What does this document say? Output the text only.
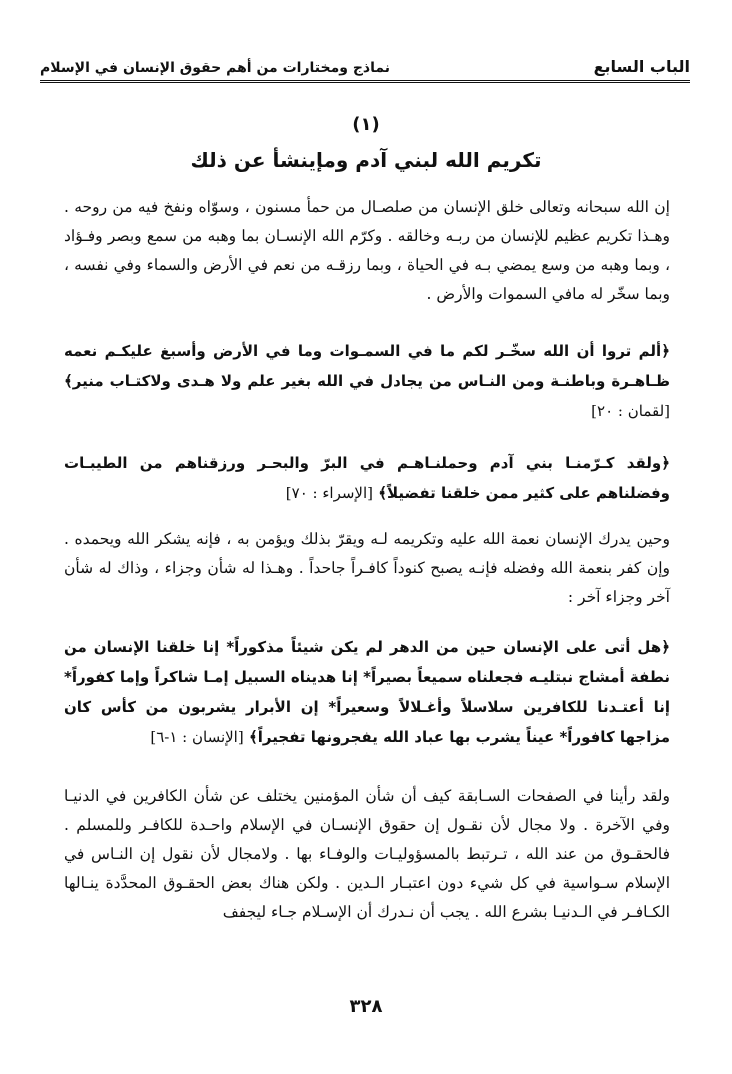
الباب السابع
نماذج ومختارات من أهم حقوق الإنسان في الإسلام
(١)
تكريم الله لبني آدم ومإينشأ عن ذلك
إن الله سبحانه وتعالى خلق الإنسان من صلصـال من حمأ مسنون ، وسوّاه ونفخ فيه من روحه . وهـذا تكريم عظيم للإنسان من ربـه وخالقه . وكرّم الله الإنسـان بما وهبه من سمع وبصر وفـؤاد ، وبما وهبه من وسع يمضي بـه في الحياة ، وبما رزقـه من نعم في الأرض والسماء وفي نفسه ، وبما سخّر له مافي السموات والأرض .
﴿ألم تروا أن الله سخّـر لكم ما في السمـوات وما في الأرض وأسبغ عليكـم نعمه ظـاهـرة وباطنـة ومن النـاس من يجادل في الله بغير علم ولا هـدى ولاكتـاب منير﴾ [لقمان : ٢٠]
﴿ولقد كـرّمنـا بني آدم وحملنـاهـم في البرّ والبحـر ورزقناهم من الطيبـات وفضلناهم على كثير ممن خلقنا تفضيلاً﴾ [الإسراء : ٧٠]
وحين يدرك الإنسان نعمة الله عليه وتكريمه لـه ويقرّ بذلك ويؤمن به ، فإنه يشكر الله ويحمده . وإن كفر بنعمة الله وفضله فإنـه يصبح كنوداً كافـراً جاحداً . وهـذا له شأن وجزاء ، وذاك له شأن آخر وجزاء آخر :
﴿هل أتى على الإنسان حين من الدهر لم يكن شيئاً مذكوراً* إنا خلقنا الإنسان من نطفة أمشاج نبتليـه فجعلناه سميعاً بصيراً* إنا هديناه السبيل إمـا شاكراً وإما كفوراً* إنا أعتـدنا للكافرين سلاسلاً وأغـلالاً وسعيراً* إن الأبرار يشربون من كأس كان مزاجها كافوراً* عيناً يشرب بها عباد الله يفجرونها تفجيراً﴾ [الإنسان : ١-٦]
ولقد رأينا في الصفحات السـابقة كيف أن شأن المؤمنين يختلف عن شأن الكافرين في الدنيـا وفي الآخرة . ولا مجال لأن نقـول إن حقوق الإنسـان في الإسلام واحـدة للكافـر وللمسلم . فالحقـوق من عند الله ، تـرتبط بالمسؤوليـات والوفـاء بها . ولامجال لأن نقول إن النـاس في الإسلام سـواسية في كل شيء دون اعتبـار الـدين . ولكن هناك بعض الحقـوق المحدَّدة ينـالها الكـافـر في الـدنيـا بشرع الله . يجب أن نـدرك أن الإسـلام جـاء ليجفف
٣٢٨
